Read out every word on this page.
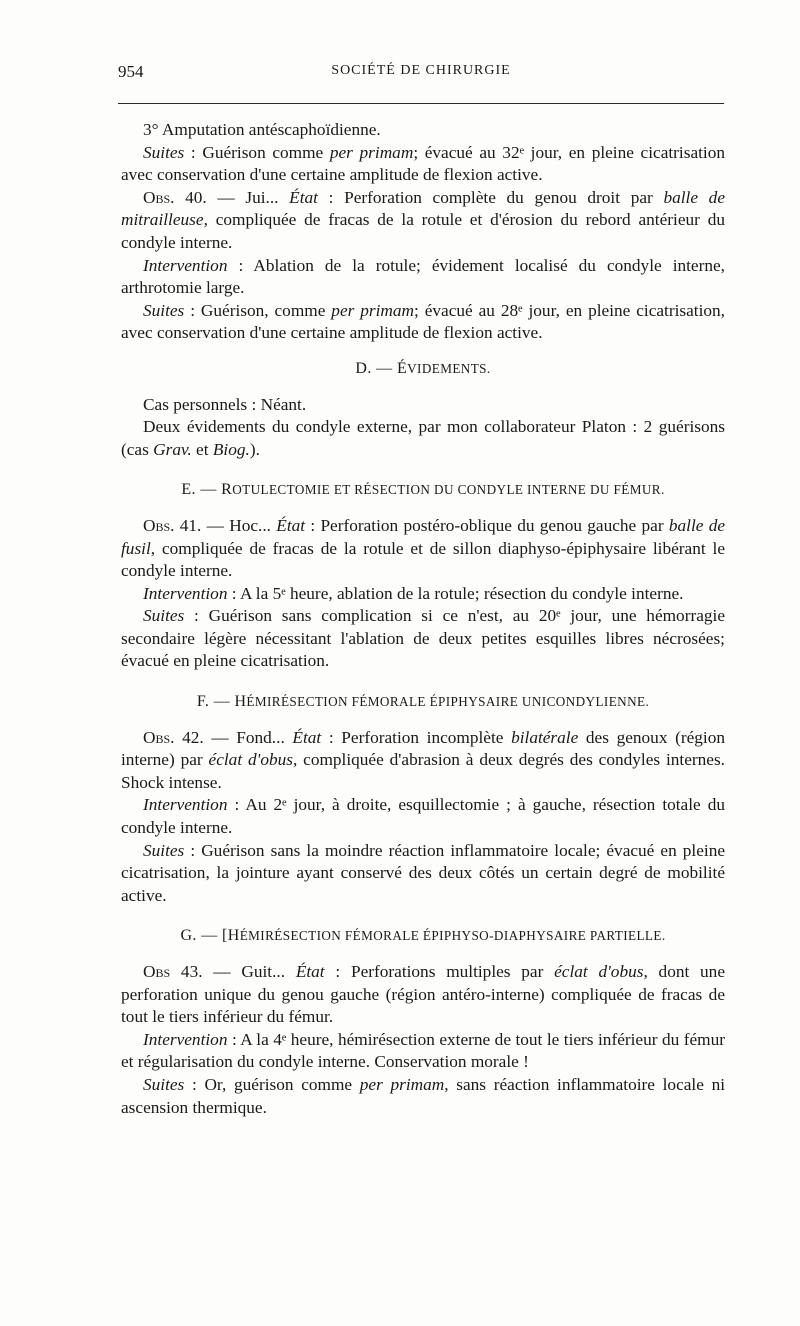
954	SOCIÉTÉ DE CHIRURGIE

3° Amputation antéscaphoïdienne.

Suites : Guérison comme per primam; évacué au 32ᵉ jour, en pleine cicatrisation avec conservation d'une certaine amplitude de flexion active.

Obs. 40. — Jui... État : Perforation complète du genou droit par balle de mitrailleuse, compliquée de fracas de la rotule et d'érosion du rebord antérieur du condyle interne.

Intervention : Ablation de la rotule; évidement localisé du condyle interne, arthrotomie large.

Suites : Guérison, comme per primam; évacué au 28ᵉ jour, en pleine cicatrisation, avec conservation d'une certaine amplitude de flexion active.

D. — ÉVIDEMENTS.

Cas personnels : Néant.

Deux évidements du condyle externe, par mon collaborateur Platon : 2 guérisons (cas Grav. et Biog.).

E. — ROTULECTOMIE ET RÉSECTION DU CONDYLE INTERNE DU FÉMUR.

Obs. 41. — Hoc... État : Perforation postéro-oblique du genou gauche par balle de fusil, compliquée de fracas de la rotule et de sillon diaphyso-épiphysaire libérant le condyle interne.

Intervention : A la 5ᵉ heure, ablation de la rotule; résection du condyle interne.

Suites : Guérison sans complication si ce n'est, au 20ᵉ jour, une hémorragie secondaire légère nécessitant l'ablation de deux petites esquilles libres nécrosées; évacué en pleine cicatrisation.

F. — HÉMIRÉSECTION FÉMORALE ÉPIPHYSAIRE UNICONDYLIENNE.

Obs. 42. — Fond... État : Perforation incomplète bilatérale des genoux (région interne) par éclat d'obus, compliquée d'abrasion à deux degrés des condyles internes. Shock intense.

Intervention : Au 2ᵉ jour, à droite, esquillectomie ; à gauche, résection totale du condyle interne.

Suites : Guérison sans la moindre réaction inflammatoire locale; évacué en pleine cicatrisation, la jointure ayant conservé des deux côtés un certain degré de mobilité active.

G. — [HÉMIRÉSECTION FÉMORALE ÉPIPHYSO-DIAPHYSAIRE PARTIELLE.

Obs 43. — Guit... État : Perforations multiples par éclat d'obus, dont une perforation unique du genou gauche (région antéro-interne) compliquée de fracas de tout le tiers inférieur du fémur.

Intervention : A la 4ᵉ heure, hémirésection externe de tout le tiers inférieur du fémur et régularisation du condyle interne. Conservation morale !

Suites : Or, guérison comme per primam, sans réaction inflammatoire locale ni ascension thermique.
